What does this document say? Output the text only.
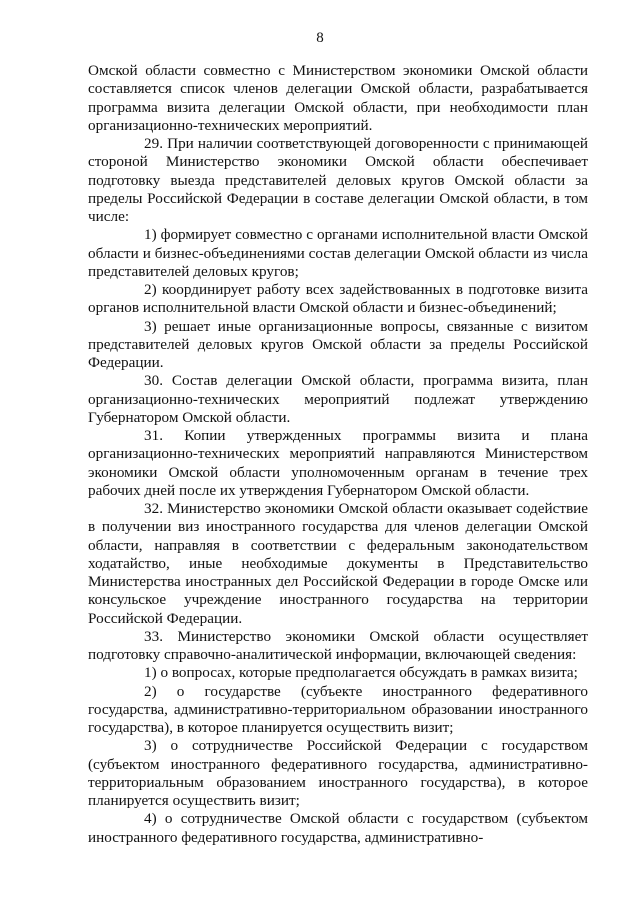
8

Омской области совместно с Министерством экономики Омской области составляется список членов делегации Омской области, разрабатывается программа визита делегации Омской области, при необходимости план организационно-технических мероприятий.

29. При наличии соответствующей договоренности с принимающей стороной Министерство экономики Омской области обеспечивает подготовку выезда представителей деловых кругов Омской области за пределы Российской Федерации в составе делегации Омской области, в том числе:

1) формирует совместно с органами исполнительной власти Омской области и бизнес-объединениями состав делегации Омской области из числа представителей деловых кругов;

2) координирует работу всех задействованных в подготовке визита органов исполнительной власти Омской области и бизнес-объединений;

3) решает иные организационные вопросы, связанные с визитом представителей деловых кругов Омской области за пределы Российской Федерации.

30. Состав делегации Омской области, программа визита, план организационно-технических мероприятий подлежат утверждению Губернатором Омской области.

31. Копии утвержденных программы визита и плана организационно-технических мероприятий направляются Министерством экономики Омской области уполномоченным органам в течение трех рабочих дней после их утверждения Губернатором Омской области.

32. Министерство экономики Омской области оказывает содействие в получении виз иностранного государства для членов делегации Омской области, направляя в соответствии с федеральным законодательством ходатайство, иные необходимые документы в Представительство Министерства иностранных дел Российской Федерации в городе Омске или консульское учреждение иностранного государства на территории Российской Федерации.

33. Министерство экономики Омской области осуществляет подготовку справочно-аналитической информации, включающей сведения:

1) о вопросах, которые предполагается обсуждать в рамках визита;

2) о государстве (субъекте иностранного федеративного государства, административно-территориальном образовании иностранного государства), в которое планируется осуществить визит;

3) о сотрудничестве Российской Федерации с государством (субъектом иностранного федеративного государства, административно-территориальным образованием иностранного государства), в которое планируется осуществить визит;

4) о сотрудничестве Омской области с государством (субъектом иностранного федеративного государства, административно-
